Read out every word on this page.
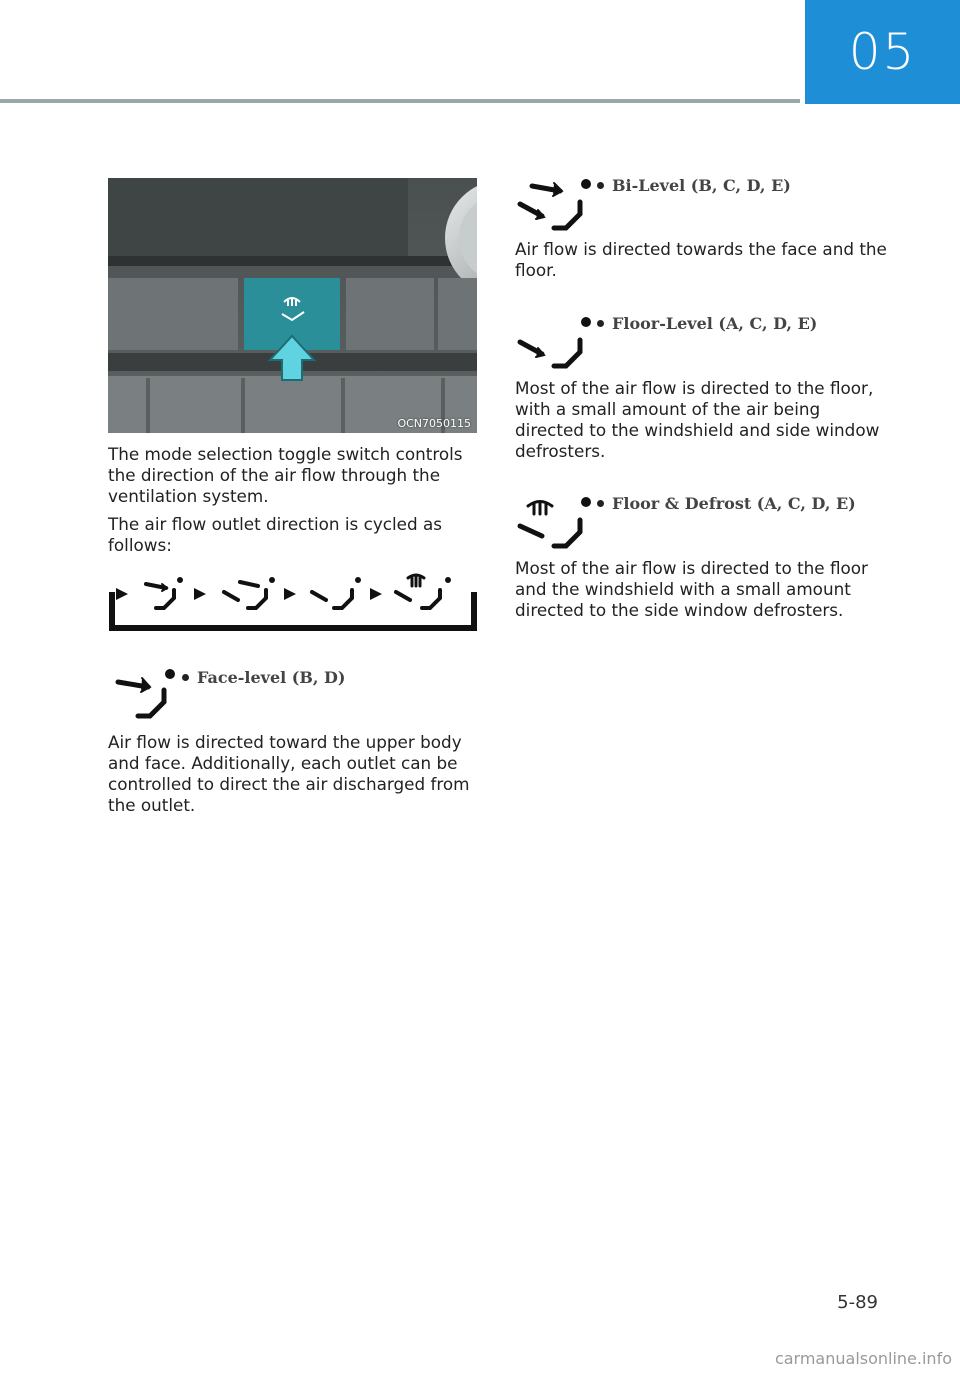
05
OCN7050115

The mode selection toggle switch controls the direction of the air flow through the ventilation system.

The air flow outlet direction is cycled as follows:

Face-level (B, D)

Air flow is directed toward the upper body and face. Additionally, each outlet can be controlled to direct the air discharged from the outlet.

Bi-Level (B, C, D, E)

Air flow is directed towards the face and the floor.

Floor-Level (A, C, D, E)

Most of the air flow is directed to the floor, with a small amount of the air being directed to the windshield and side window defrosters.

Floor & Defrost (A, C, D, E)

Most of the air flow is directed to the floor and the windshield with a small amount directed to the side window defrosters.

5-89
carmanualsonline.info
